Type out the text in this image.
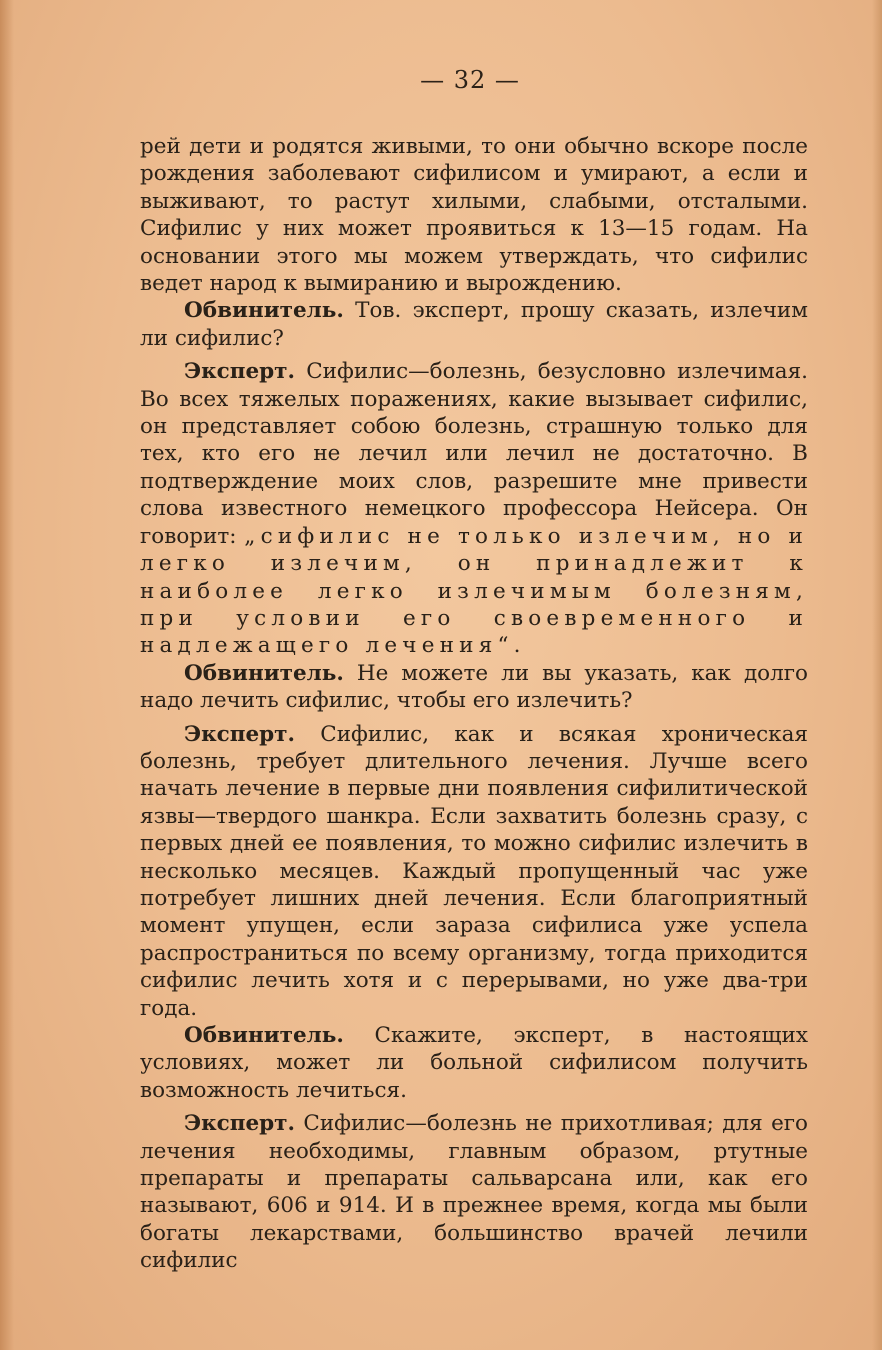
— 32 —

рей дети и родятся живыми, то они обычно вскоре после рождения заболевают сифилисом и умирают, а если и выживают, то растут хилыми, слабыми, отсталыми. Сифилис у них может проявиться к 13—15 годам. На основании этого мы можем утверждать, что сифилис ведет народ к вымиранию и вырождению.

Обвинитель. Тов. эксперт, прошу сказать, излечим ли сифилис?

Эксперт. Сифилис—болезнь, безусловно излечимая. Во всех тяжелых поражениях, какие вызывает сифилис, он представляет собою болезнь, страшную только для тех, кто его не лечил или лечил не достаточно. В подтверждение моих слов, разрешите мне привести слова известного немецкого профессора Нейсера. Он говорит: „сифилис не только излечим, но и легко излечим, он принадлежит к наиболее легко излечимым болезням, при условии его своевременного и надлежащего лечения“.

Обвинитель. Не можете ли вы указать, как долго надо лечить сифилис, чтобы его излечить?

Эксперт. Сифилис, как и всякая хроническая болезнь, требует длительного лечения. Лучше всего начать лечение в первые дни появления сифилитической язвы—твердого шанкра. Если захватить болезнь сразу, с первых дней ее появления, то можно сифилис излечить в несколько месяцев. Каждый пропущенный час уже потребует лишних дней лечения. Если благоприятный момент упущен, если зараза сифилиса уже успела распространиться по всему организму, тогда приходится сифилис лечить хотя и с перерывами, но уже два-три года.

Обвинитель. Скажите, эксперт, в настоящих условиях, может ли больной сифилисом получить возможность лечиться.

Эксперт. Сифилис—болезнь не прихотливая; для его лечения необходимы, главным образом, ртутные препараты и препараты сальварсана или, как его называют, 606 и 914. И в прежнее время, когда мы были богаты лекарствами, большинство врачей лечили сифилис
